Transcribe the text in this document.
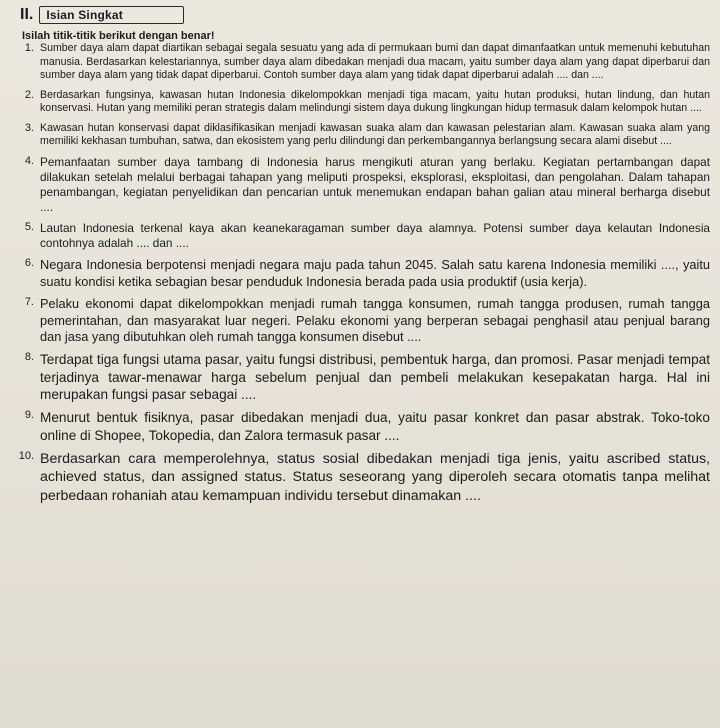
II.	Isian Singkat
Isilah titik-titik berikut dengan benar!
1. Sumber daya alam dapat diartikan sebagai segala sesuatu yang ada di permukaan bumi dan dapat dimanfaatkan untuk memenuhi kebutuhan manusia. Berdasarkan kelestariannya, sumber daya alam dibedakan menjadi dua macam, yaitu sumber daya alam yang dapat diperbarui dan sumber daya alam yang tidak dapat diperbarui. Contoh sumber daya alam yang tidak dapat diperbarui adalah .... dan ....
2. Berdasarkan fungsinya, kawasan hutan Indonesia dikelompokkan menjadi tiga macam, yaitu hutan produksi, hutan lindung, dan hutan konservasi. Hutan yang memiliki peran strategis dalam melindungi sistem daya dukung lingkungan hidup termasuk dalam kelompok hutan ....
3. Kawasan hutan konservasi dapat diklasifikasikan menjadi kawasan suaka alam dan kawasan pelestarian alam. Kawasan suaka alam yang memiliki kekhasan tumbuhan, satwa, dan ekosistem yang perlu dilindungi dan perkembangannya berlangsung secara alami disebut ....
4. Pemanfaatan sumber daya tambang di Indonesia harus mengikuti aturan yang berlaku. Kegiatan pertambangan dapat dilakukan setelah melalui berbagai tahapan yang meliputi prospeksi, eksplorasi, eksploitasi, dan pengolahan. Dalam tahapan penambangan, kegiatan penyelidikan dan pencarian untuk menemukan endapan bahan galian atau mineral berharga disebut ....
5. Lautan Indonesia terkenal kaya akan keanekaragaman sumber daya alamnya. Potensi sumber daya kelautan Indonesia contohnya adalah .... dan ....
6. Negara Indonesia berpotensi menjadi negara maju pada tahun 2045. Salah satu karena Indonesia memiliki ...., yaitu suatu kondisi ketika sebagian besar penduduk Indonesia berada pada usia produktif (usia kerja).
7. Pelaku ekonomi dapat dikelompokkan menjadi rumah tangga konsumen, rumah tangga produsen, rumah tangga pemerintahan, dan masyarakat luar negeri. Pelaku ekonomi yang berperan sebagai penghasil atau penjual barang dan jasa yang dibutuhkan oleh rumah tangga konsumen disebut ....
8. Terdapat tiga fungsi utama pasar, yaitu fungsi distribusi, pembentuk harga, dan promosi. Pasar menjadi tempat terjadinya tawar-menawar harga sebelum penjual dan pembeli melakukan kesepakatan harga. Hal ini merupakan fungsi pasar sebagai ....
9. Menurut bentuk fisiknya, pasar dibedakan menjadi dua, yaitu pasar konkret dan pasar abstrak. Toko-toko online di Shopee, Tokopedia, dan Zalora termasuk pasar ....
10. Berdasarkan cara memperolehnya, status sosial dibedakan menjadi tiga jenis, yaitu ascribed status, achieved status, dan assigned status. Status seseorang yang diperoleh secara otomatis tanpa melihat perbedaan rohaniah atau kemampuan individu tersebut dinamakan ....
